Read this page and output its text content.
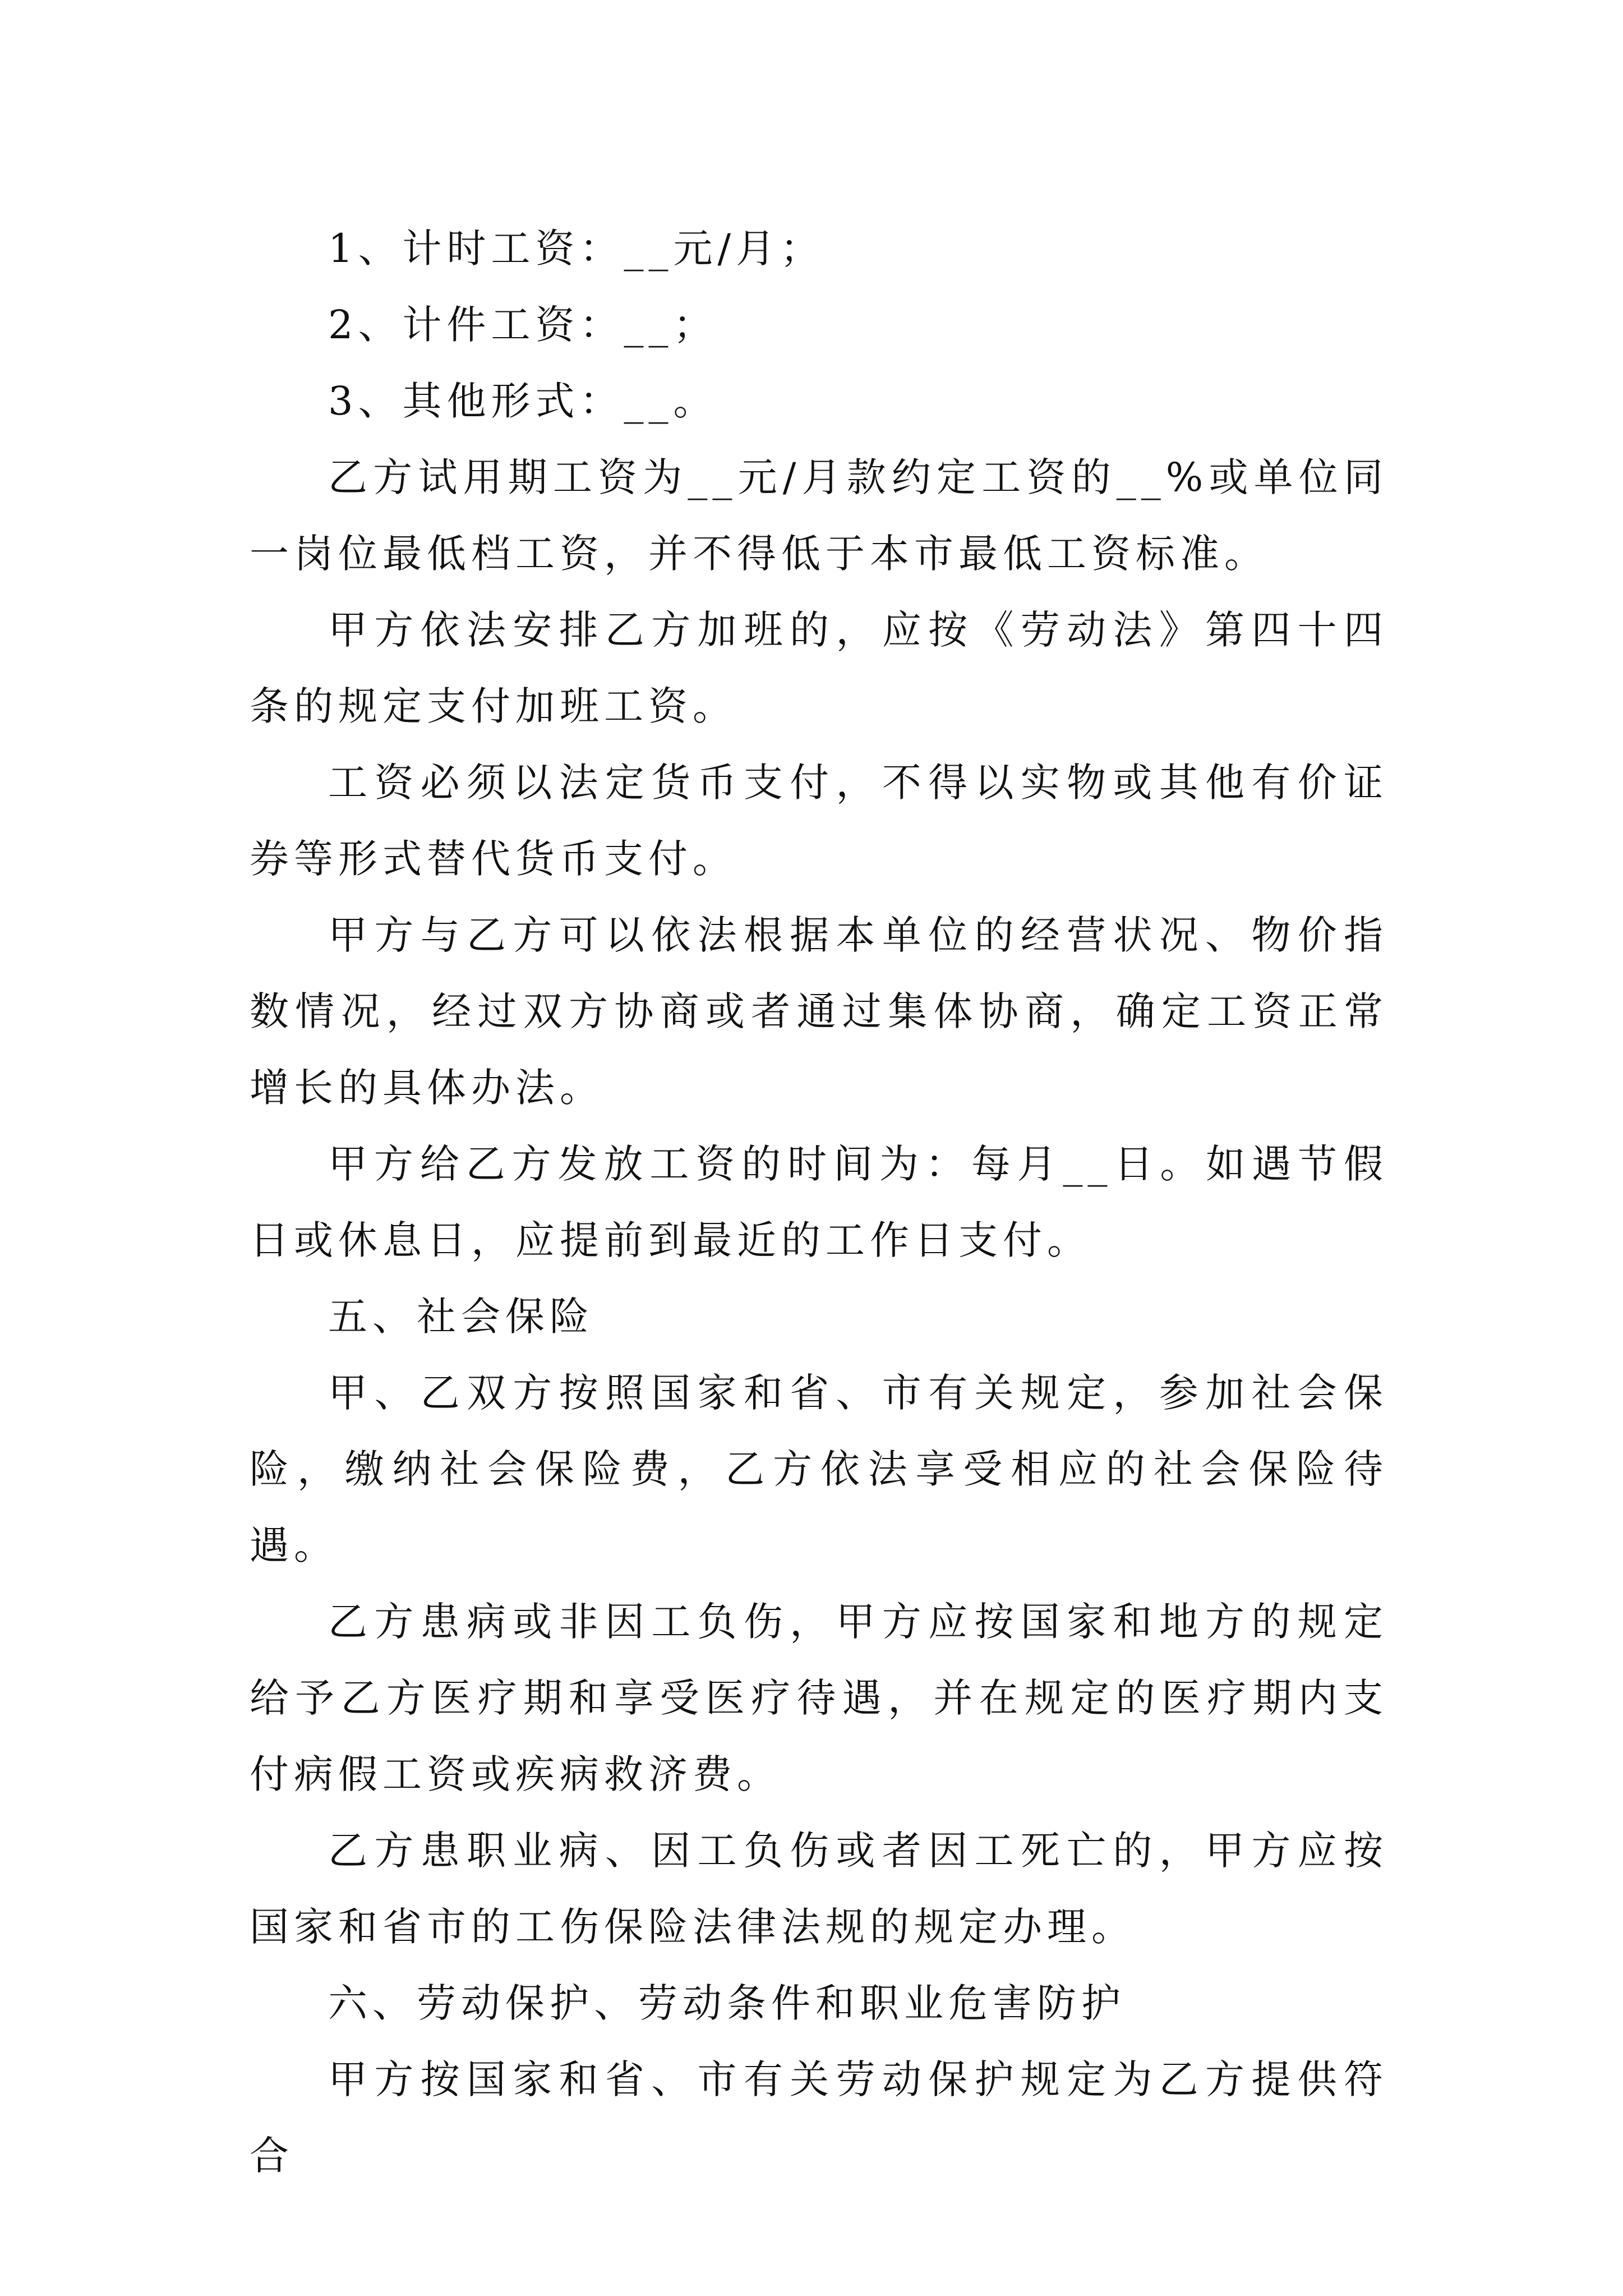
1、计时工资：__元/月；

2、计件工资：__；

3、其他形式：__。

乙方试用期工资为__元/月款约定工资的__%或单位同一岗位最低档工资，并不得低于本市最低工资标准。

甲方依法安排乙方加班的，应按《劳动法》第四十四条的规定支付加班工资。

工资必须以法定货币支付，不得以实物或其他有价证券等形式替代货币支付。

甲方与乙方可以依法根据本单位的经营状况、物价指数情况，经过双方协商或者通过集体协商，确定工资正常增长的具体办法。

甲方给乙方发放工资的时间为：每月__日。如遇节假日或休息日，应提前到最近的工作日支付。

五、社会保险

甲、乙双方按照国家和省、市有关规定，参加社会保险，缴纳社会保险费，乙方依法享受相应的社会保险待遇。

乙方患病或非因工负伤，甲方应按国家和地方的规定给予乙方医疗期和享受医疗待遇，并在规定的医疗期内支付病假工资或疾病救济费。

乙方患职业病、因工负伤或者因工死亡的，甲方应按国家和省市的工伤保险法律法规的规定办理。

六、劳动保护、劳动条件和职业危害防护

甲方按国家和省、市有关劳动保护规定为乙方提供符合
